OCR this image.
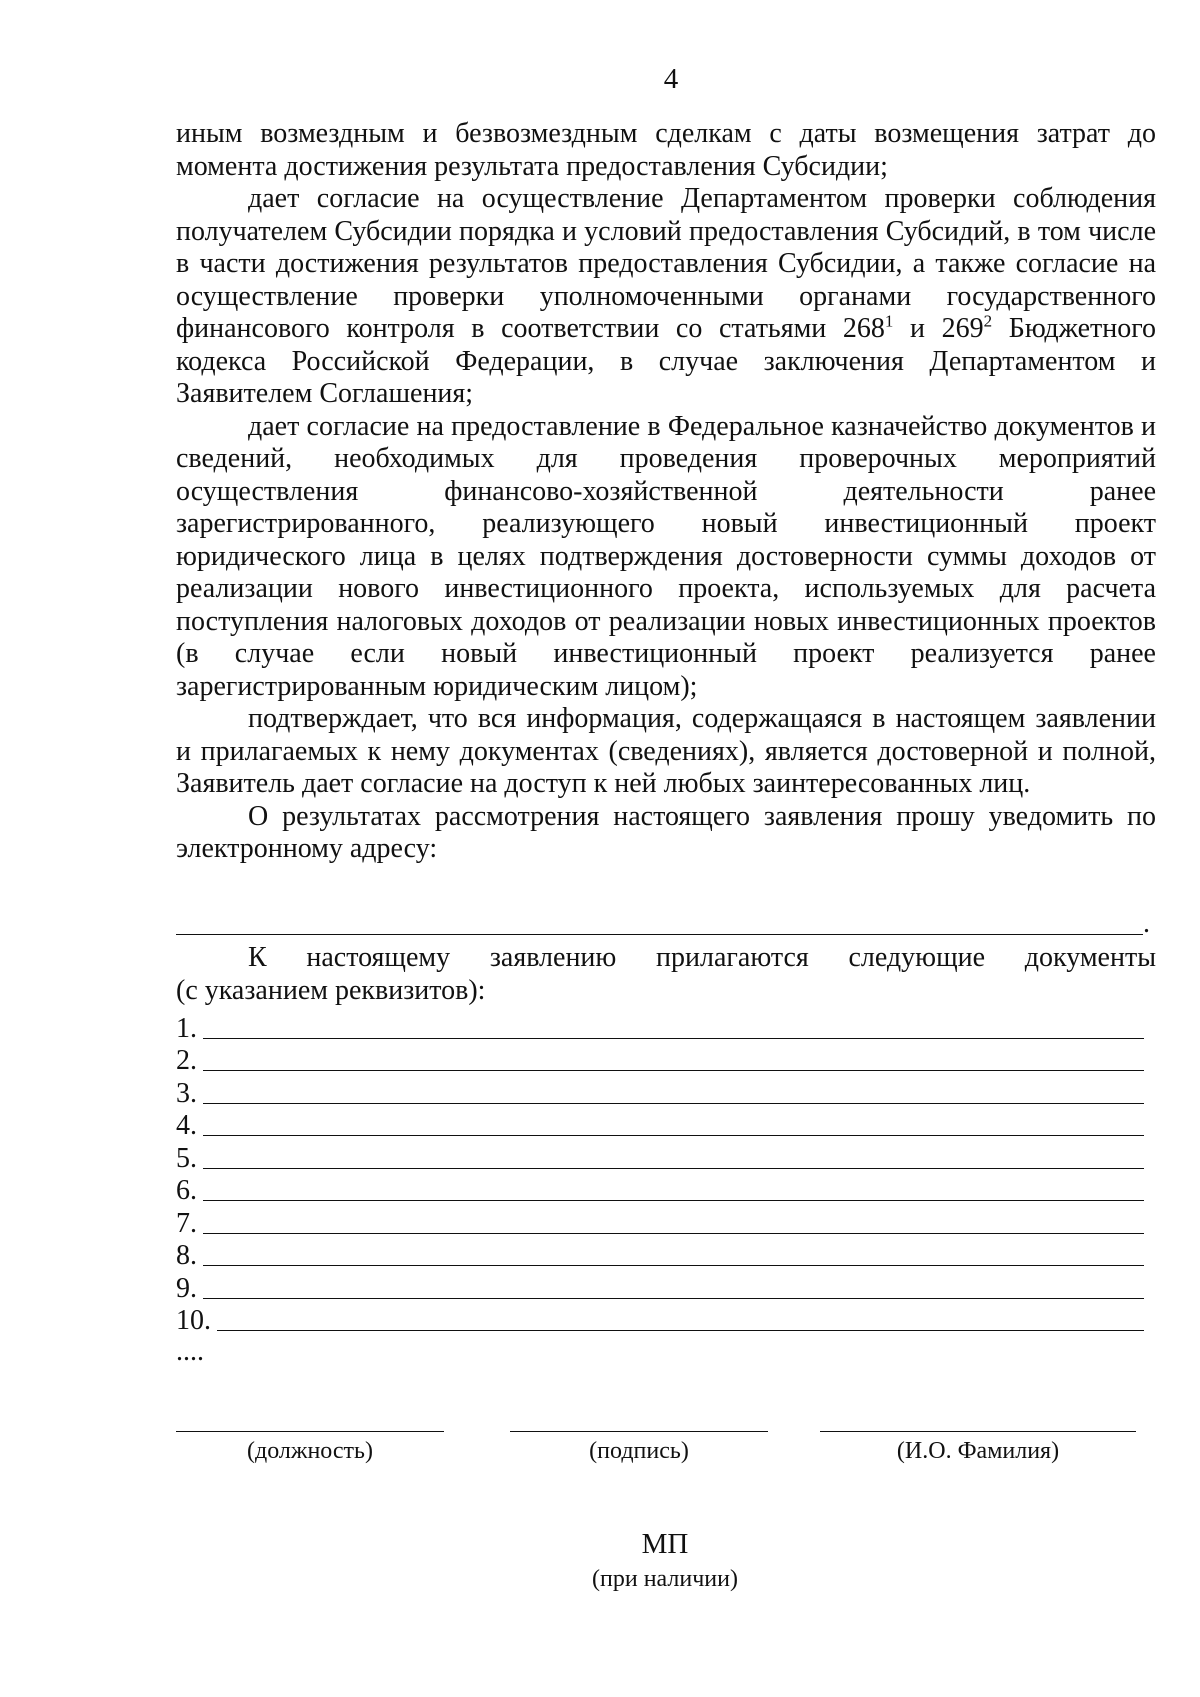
4

иным возмездным и безвозмездным сделкам с даты возмещения затрат до
момента достижения результата предоставления Субсидии;

дает согласие на осуществление Департаментом проверки соблюдения получателем Субсидии порядка и условий предоставления Субсидий, в том числе в части достижения результатов предоставления Субсидии, а также согласие на осуществление проверки уполномоченными органами государственного финансового контроля в соответствии со статьями $268^1$ и $269^2$ Бюджетного кодекса Российской Федерации, в случае заключения Департаментом и Заявителем Соглашения;

дает согласие на предоставление в Федеральное казначейство документов и сведений, необходимых для проведения проверочных мероприятий осуществления финансово-хозяйственной деятельности ранее зарегистрированного, реализующего новый инвестиционный проект юридического лица в целях подтверждения достоверности суммы доходов от реализации нового инвестиционного проекта, используемых для расчета поступления налоговых доходов от реализации новых инвестиционных проектов (в случае если новый инвестиционный проект реализуется ранее зарегистрированным юридическим лицом);

подтверждает, что вся информация, содержащаяся в настоящем заявлении и прилагаемых к нему документах (сведениях), является достоверной и полной, Заявитель дает согласие на доступ к ней любых заинтересованных лиц.

О результатах рассмотрения настоящего заявления прошу уведомить по электронному адресу:

.
К настоящему заявлению прилагаются следующие документы
(с указанием реквизитов):
1.
2.
3.
4.
5.
6.
7.
8.
9.
10.
....
(должность)	(подпись)	(И.О. Фамилия)
МП
(при наличии)
